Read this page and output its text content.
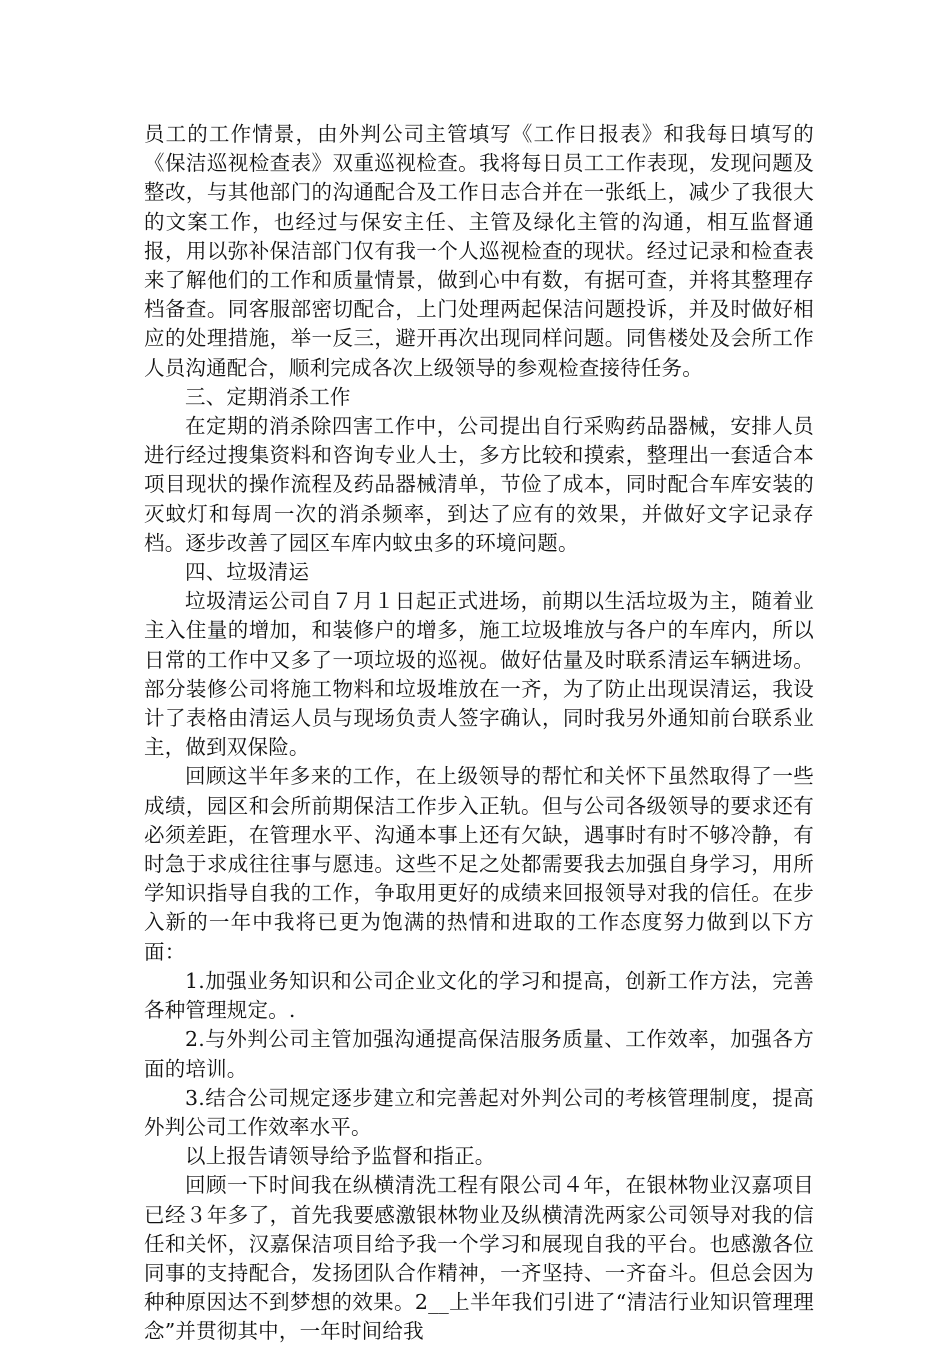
员工的工作情景，由外判公司主管填写《工作日报表》和我每日填写的《保洁巡视检查表》双重巡视检查。我将每日员工工作表现，发现问题及整改，与其他部门的沟通配合及工作日志合并在一张纸上，减少了我很大的文案工作，也经过与保安主任、主管及绿化主管的沟通，相互监督通报，用以弥补保洁部门仅有我一个人巡视检查的现状。经过记录和检查表来了解他们的工作和质量情景，做到心中有数，有据可查，并将其整理存档备查。同客服部密切配合，上门处理两起保洁问题投诉，并及时做好相应的处理措施，举一反三，避开再次出现同样问题。同售楼处及会所工作人员沟通配合，顺利完成各次上级领导的参观检查接待任务。

三、定期消杀工作

在定期的消杀除四害工作中，公司提出自行采购药品器械，安排人员进行经过搜集资料和咨询专业人士，多方比较和摸索，整理出一套适合本项目现状的操作流程及药品器械清单，节俭了成本，同时配合车库安装的灭蚊灯和每周一次的消杀频率，到达了应有的效果，并做好文字记录存档。逐步改善了园区车库内蚊虫多的环境问题。

四、垃圾清运

垃圾清运公司自７月１日起正式进场，前期以生活垃圾为主，随着业主入住量的增加，和装修户的增多，施工垃圾堆放与各户的车库内，所以日常的工作中又多了一项垃圾的巡视。做好估量及时联系清运车辆进场。部分装修公司将施工物料和垃圾堆放在一齐，为了防止出现误清运，我设计了表格由清运人员与现场负责人签字确认，同时我另外通知前台联系业主，做到双保险。

回顾这半年多来的工作，在上级领导的帮忙和关怀下虽然取得了一些成绩，园区和会所前期保洁工作步入正轨。但与公司各级领导的要求还有必须差距，在管理水平、沟通本事上还有欠缺，遇事时有时不够冷静，有时急于求成往往事与愿违。这些不足之处都需要我去加强自身学习，用所学知识指导自我的工作，争取用更好的成绩来回报领导对我的信任。在步入新的一年中我将已更为饱满的热情和进取的工作态度努力做到以下方面：

1.加强业务知识和公司企业文化的学习和提高，创新工作方法，完善各种管理规定。.

2.与外判公司主管加强沟通提高保洁服务质量、工作效率，加强各方面的培训。

3.结合公司规定逐步建立和完善起对外判公司的考核管理制度，提高外判公司工作效率水平。

以上报告请领导给予监督和指正。

回顾一下时间我在纵横清洗工程有限公司４年，在银林物业汉嘉项目已经３年多了，首先我要感激银林物业及纵横清洗两家公司领导对我的信任和关怀，汉嘉保洁项目给予我一个学习和展现自我的平台。也感激各位同事的支持配合，发扬团队合作精神，一齐坚持、一齐奋斗。但总会因为种种原因达不到梦想的效果。2__上半年我们引进了“清洁行业知识管理理念”并贯彻其中，一年时间给我
